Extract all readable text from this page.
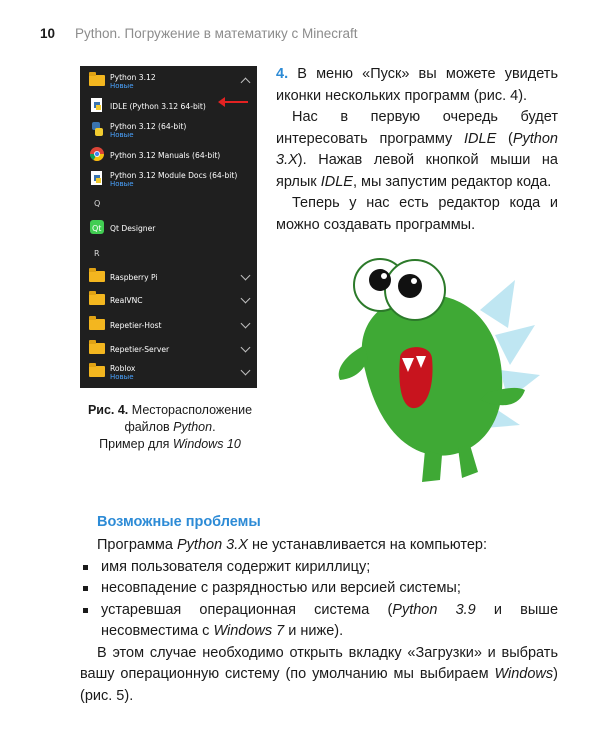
10 Python. Погружение в математику с Minecraft
Python 3.12
Новые
IDLE (Python 3.12 64-bit)
Python 3.12 (64-bit)
Новые
Python 3.12 Manuals (64-bit)
Python 3.12 Module Docs (64-bit)
Новые
Q
Qt Qt Designer
R
Raspberry Pi
RealVNC
Repetier-Host
Repetier-Server
Roblox
Новые
Рис. 4. Месторасположение файлов Python.
Пример для Windows 10

4. В меню «Пуск» вы можете увидеть иконки нескольких программ (рис. 4).

Нас в первую очередь будет интересовать программу IDLE (Python 3.X). Нажав левой кнопкой мыши на ярлык IDLE, мы запустим редактор кода.

Теперь у нас есть редактор кода и можно создавать программы.

Возможные проблемы

Программа Python 3.X не устанавливается на компьютер:

имя пользователя содержит кириллицу;

несовпадение с разрядностью или версией системы;

устаревшая операционная система (Python 3.9 и выше несовместима с Windows 7 и ниже).

В этом случае необходимо открыть вкладку «Загрузки» и выбрать вашу операционную систему (по умолчанию мы выбираем Windows) (рис. 5).
